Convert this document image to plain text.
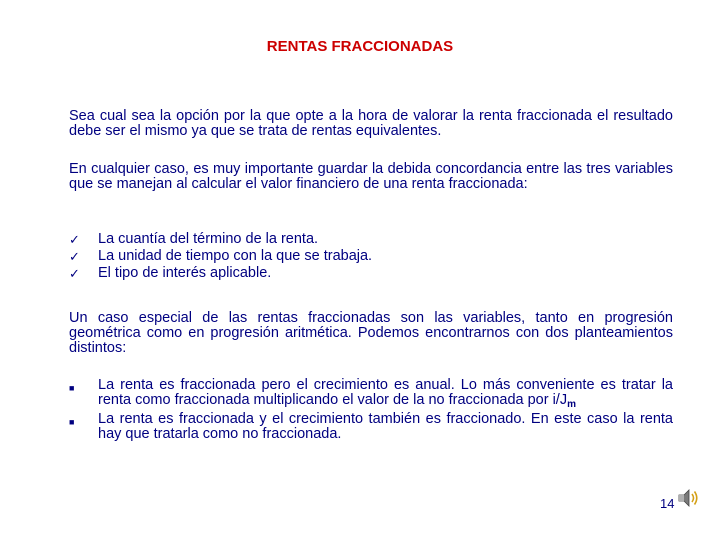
RENTAS FRACCIONADAS
Sea cual sea la opción por la que opte a la hora de valorar la renta fraccionada el resultado debe ser el mismo ya que se trata de rentas equivalentes.
En cualquier caso, es muy importante guardar la debida concordancia entre las tres variables que se manejan al calcular el valor financiero de una renta fraccionada:
✓	La cuantía del término de la renta.
✓	La unidad de tiempo con la que se trabaja.
✓	El tipo de interés aplicable.
Un caso especial de las rentas fraccionadas son las variables, tanto en progresión geométrica como en progresión aritmética. Podemos encontrarnos con dos planteamientos distintos:
■	La renta es fraccionada pero el crecimiento es anual. Lo más conveniente es tratar la renta como fraccionada multiplicando el valor de la no fraccionada por $i/J_m$
■	La renta es fraccionada y el crecimiento también es fraccionado. En este caso la renta hay que tratarla como no fraccionada.
14
